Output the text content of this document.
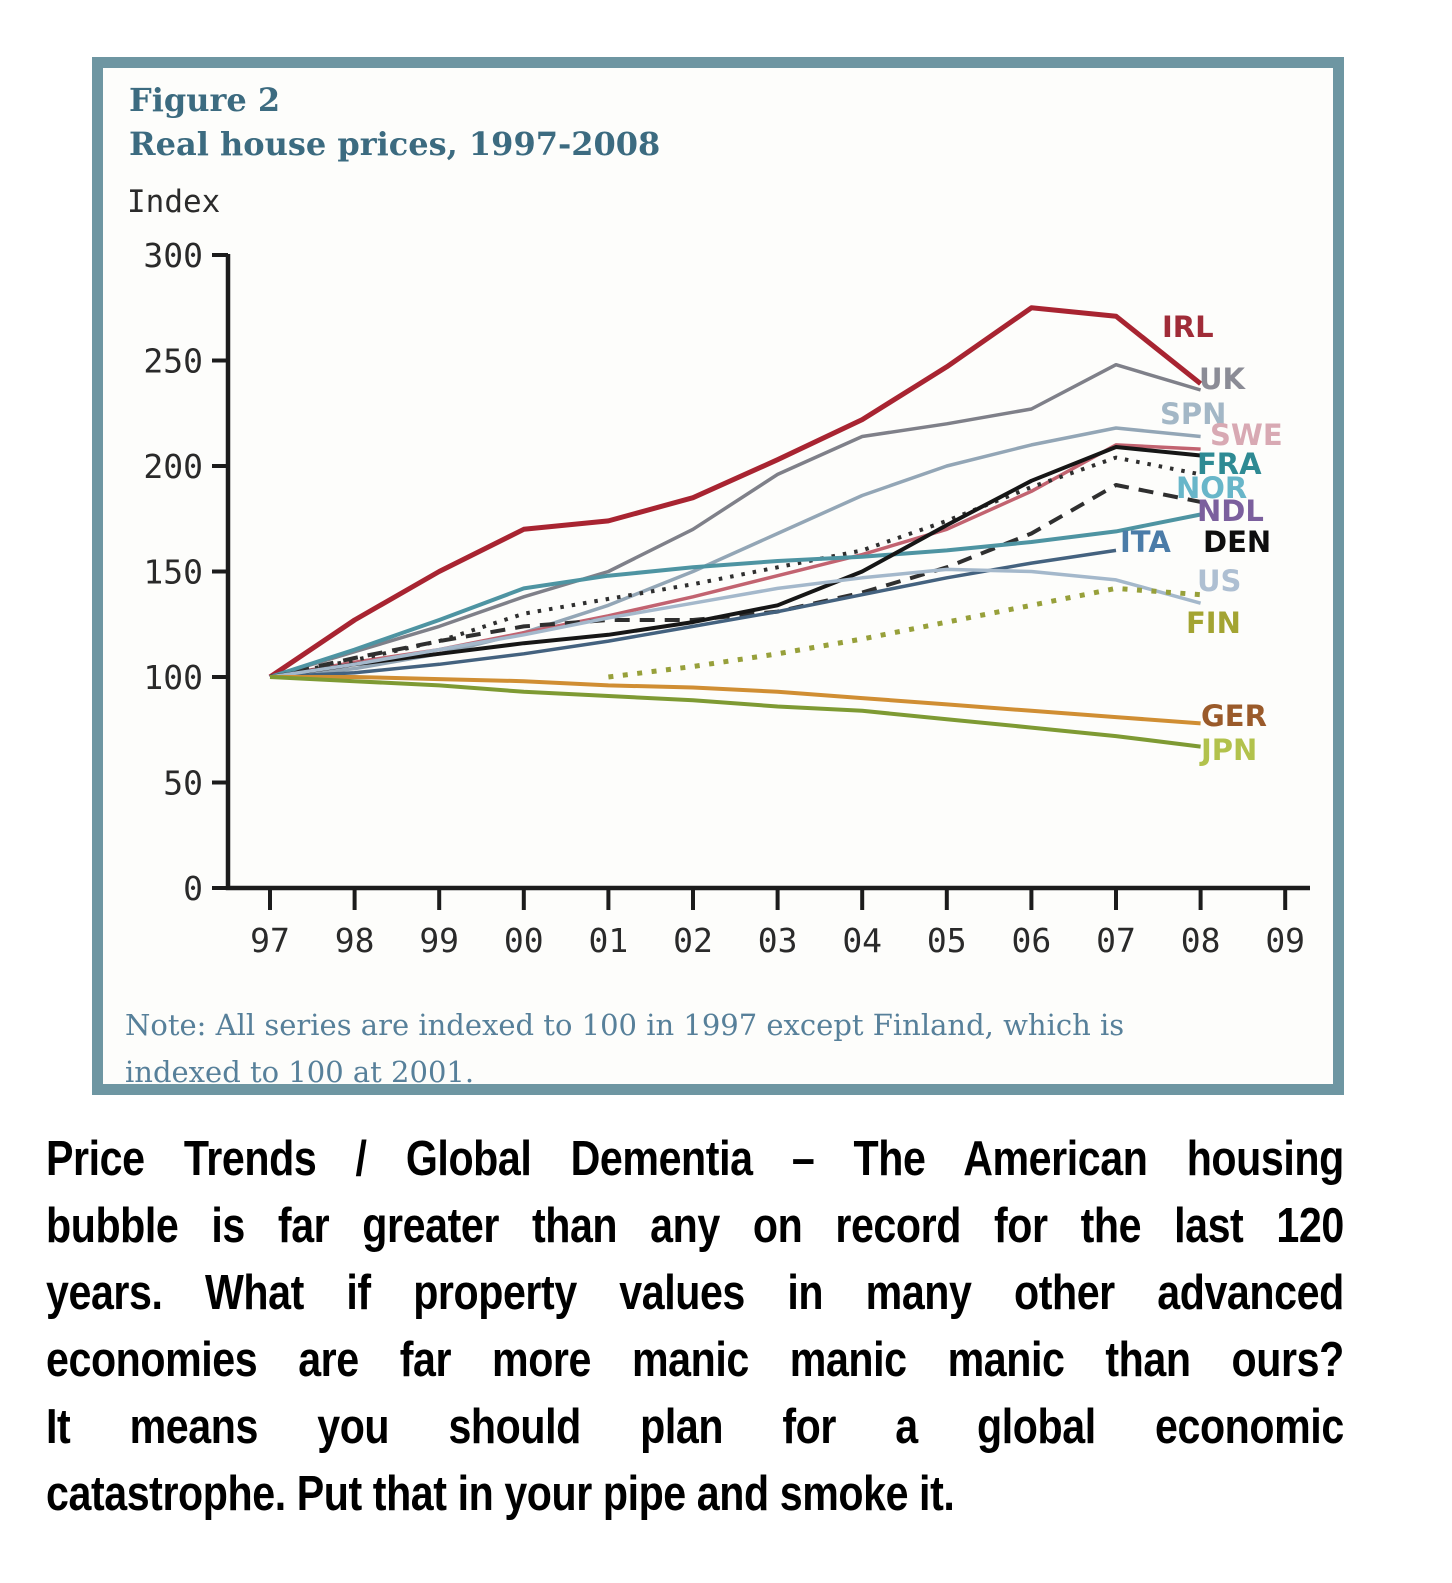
Figure 2
Real house prices, 1997-2008
Index
0
50
100
150
200
250
300
97 98 99 00 01 02 03 04 05 06 07 08 09
IRL
UK
SPN
SWE
FRA
NOR
NDL
DEN
ITA
US
FIN
GER
JPN
Note: All series are indexed to 100 in 1997 except Finland, which is
indexed to 100 at 2001.
Price Trends / Global Dementia – The American housing
bubble is far greater than any on record for the last 120
years. What if property values in many other advanced
economies are far more manic manic manic than ours?
It means you should plan for a global economic
catastrophe. Put that in your pipe and smoke it.
